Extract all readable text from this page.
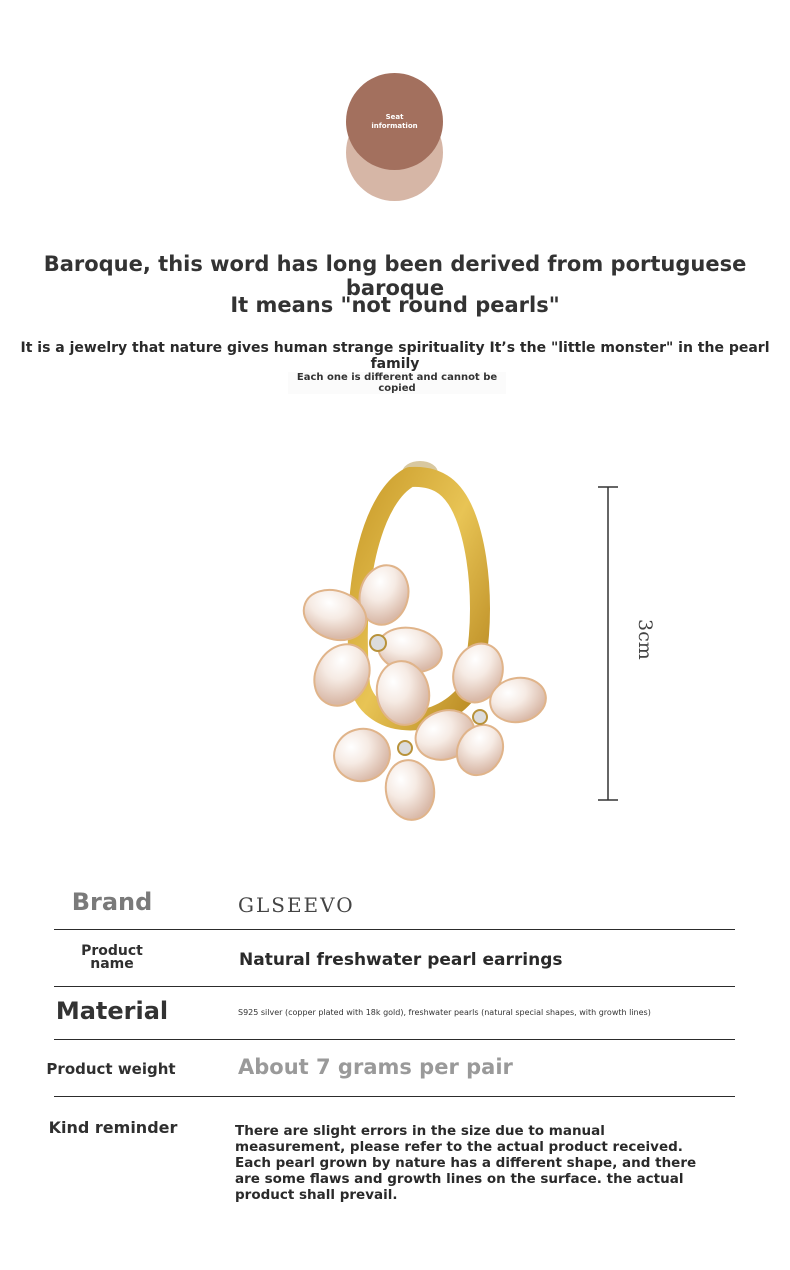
Seat
information
Baroque, this word has long been derived from portuguese baroque
It means "not round pearls"
It is a jewelry that nature gives human strange spirituality It’s the "little monster" in the pearl family
Each one is different and cannot be copied
3cm
Brand	GLSEEVO
Product name	Natural freshwater pearl earrings
Material	S925 silver (copper plated with 18k gold), freshwater pearls (natural special shapes, with growth lines)
Product weight	About 7 grams per pair
Kind reminder	There are slight errors in the size due to manual measurement, please refer to the actual product received. Each pearl grown by nature has a different shape, and there are some flaws and growth lines on the surface. the actual product shall prevail.
